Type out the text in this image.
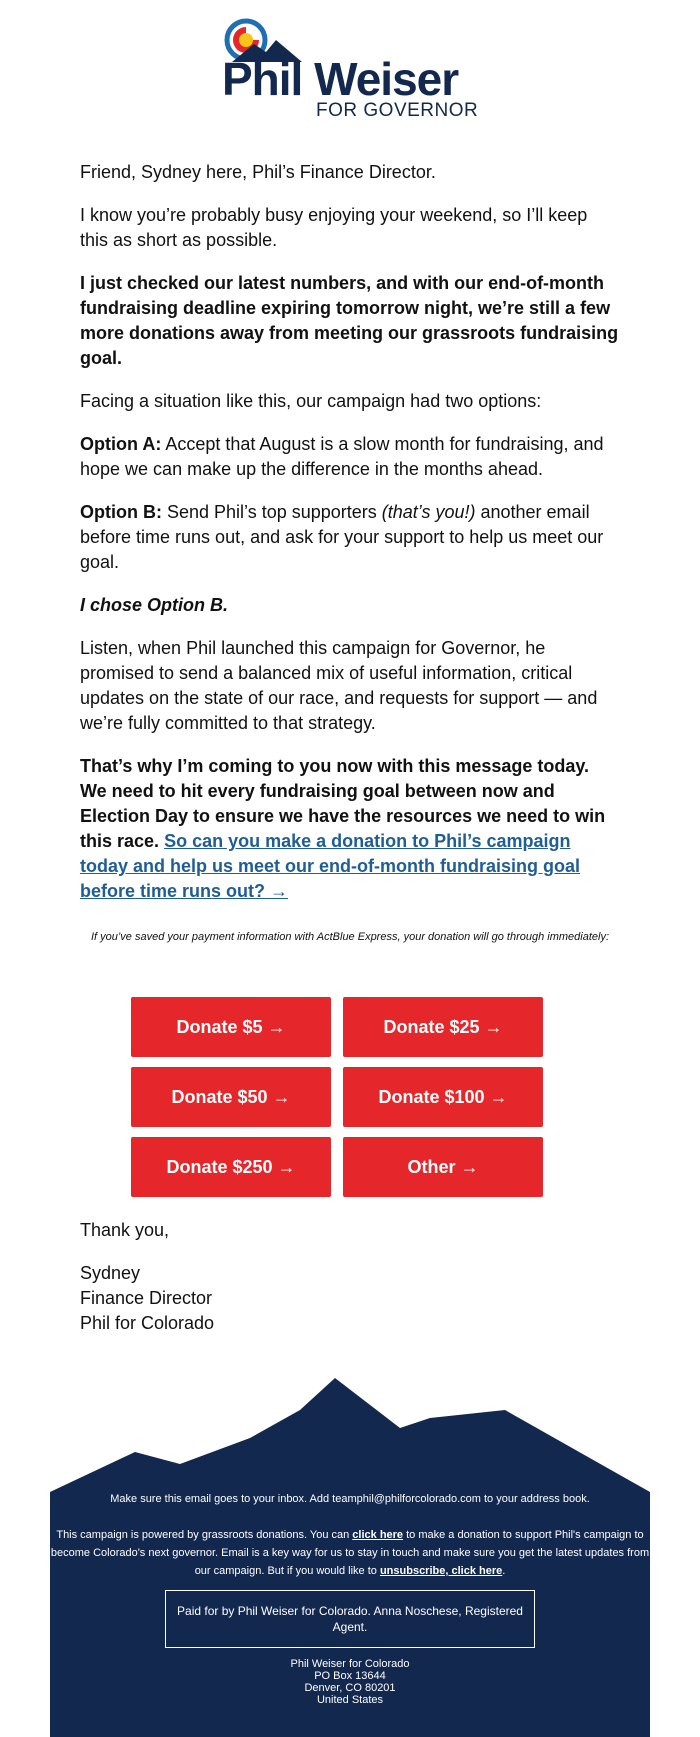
Phil Weiser
FOR GOVERNOR

Friend, Sydney here, Phil’s Finance Director.

I know you’re probably busy enjoying your weekend, so I’ll keep this as short as possible.

I just checked our latest numbers, and with our end-of-month fundraising deadline expiring tomorrow night, we’re still a few more donations away from meeting our grassroots fundraising goal.

Facing a situation like this, our campaign had two options:

Option A: Accept that August is a slow month for fundraising, and hope we can make up the difference in the months ahead.

Option B: Send Phil’s top supporters (that’s you!) another email before time runs out, and ask for your support to help us meet our goal.

I chose Option B.

Listen, when Phil launched this campaign for Governor, he promised to send a balanced mix of useful information, critical updates on the state of our race, and requests for support — and we’re fully committed to that strategy.

That’s why I’m coming to you now with this message today. We need to hit every fundraising goal between now and Election Day to ensure we have the resources we need to win this race. So can you make a donation to Phil’s campaign today and help us meet our end-of-month fundraising goal before time runs out? →

If you’ve saved your payment information with ActBlue Express, your donation will go through immediately:
Donate $5 →	Donate $25 →
Donate $50 →	Donate $100 →
Donate $250 →	Other →

Thank you,

Sydney
Finance Director
Phil for Colorado

Make sure this email goes to your inbox. Add teamphil@philforcolorado.com to your address book.

This campaign is powered by grassroots donations. You can click here to make a donation to support Phil's campaign to become Colorado's next governor. Email is a key way for us to stay in touch and make sure you get the latest updates from our campaign. But if you would like to unsubscribe, click here.

Paid for by Phil Weiser for Colorado. Anna Noschese, Registered Agent.
Phil Weiser for Colorado
PO Box 13644
Denver, CO 80201
United States
